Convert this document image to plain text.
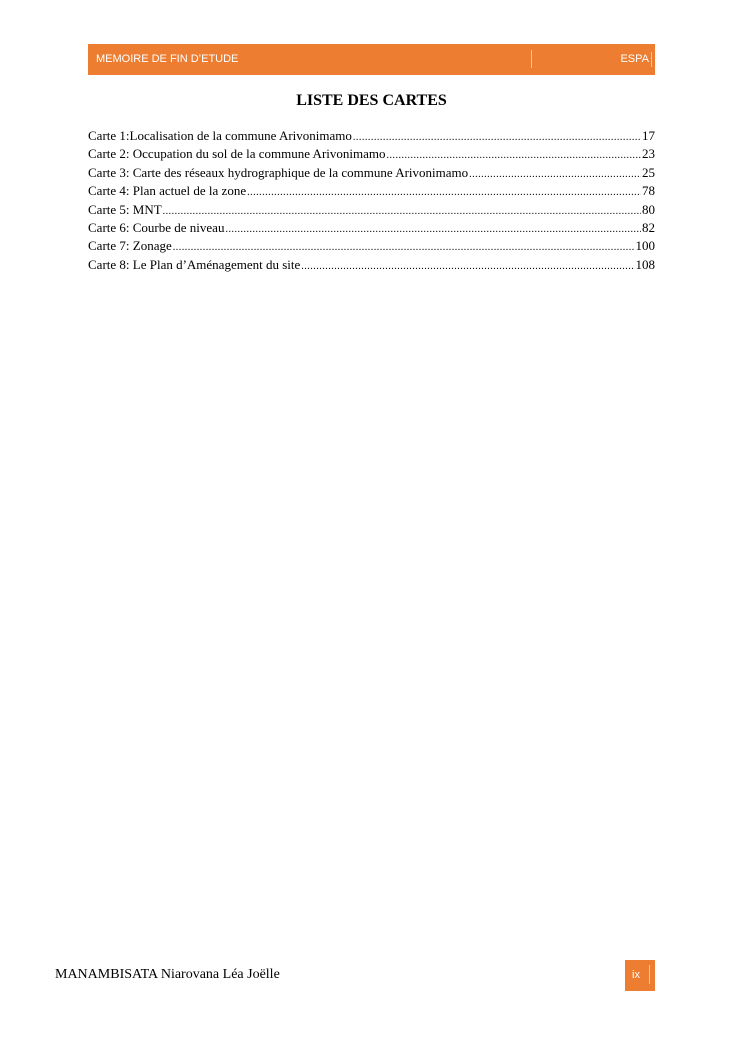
MEMOIRE DE FIN D’ETUDE	ESPA
LISTE DES CARTES
Carte 1:Localisation de la commune Arivonimamo .....	17
Carte 2: Occupation du sol de la commune Arivonimamo .....	23
Carte 3: Carte des réseaux hydrographique de la commune Arivonimamo .....	25
Carte 4: Plan actuel de la zone .....	78
Carte 5: MNT .....	80
Carte 6: Courbe de niveau .....	82
Carte 7: Zonage .....	100
Carte 8: Le Plan d’Aménagement du site .....	108
MANAMBISATA Niarovana Léa Joëlle	ix
